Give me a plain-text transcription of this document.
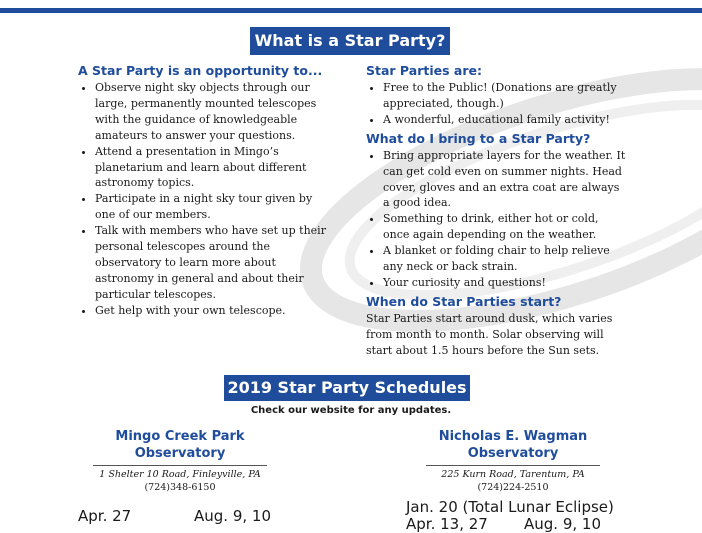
What is a Star Party?
A Star Party is an opportunity to...
• Observe night sky objects through our large, permanently mounted telescopes with the guidance of knowledgeable amateurs to answer your questions.
• Attend a presentation in Mingo’s planetarium and learn about different astronomy topics.
• Participate in a night sky tour given by one of our members.
• Talk with members who have set up their personal telescopes around the observatory to learn more about astronomy in general and about their particular telescopes.
• Get help with your own telescope.
Star Parties are:
• Free to the Public! (Donations are greatly appreciated, though.)
• A wonderful, educational family activity!
What do I bring to a Star Party?
• Bring appropriate layers for the weather. It can get cold even on summer nights. Head cover, gloves and an extra coat are always a good idea.
• Something to drink, either hot or cold, once again depending on the weather.
• A blanket or folding chair to help relieve any neck or back strain.
• Your curiosity and questions!
When do Star Parties start?

Star Parties start around dusk, which varies from month to month. Solar observing will start about 1.5 hours before the Sun sets.

2019 Star Party Schedules
Check our website for any updates.
Mingo Creek Park
Observatory
1 Shelter 10 Road, Finleyville, PA
(724)348-6150
Nicholas E. Wagman
Observatory
225 Kurn Road, Tarentum, PA
(724)224-2510
Apr. 27	Aug. 9, 10	Jan. 20 (Total Lunar Eclipse)
Apr. 13, 27 Aug. 9, 10
